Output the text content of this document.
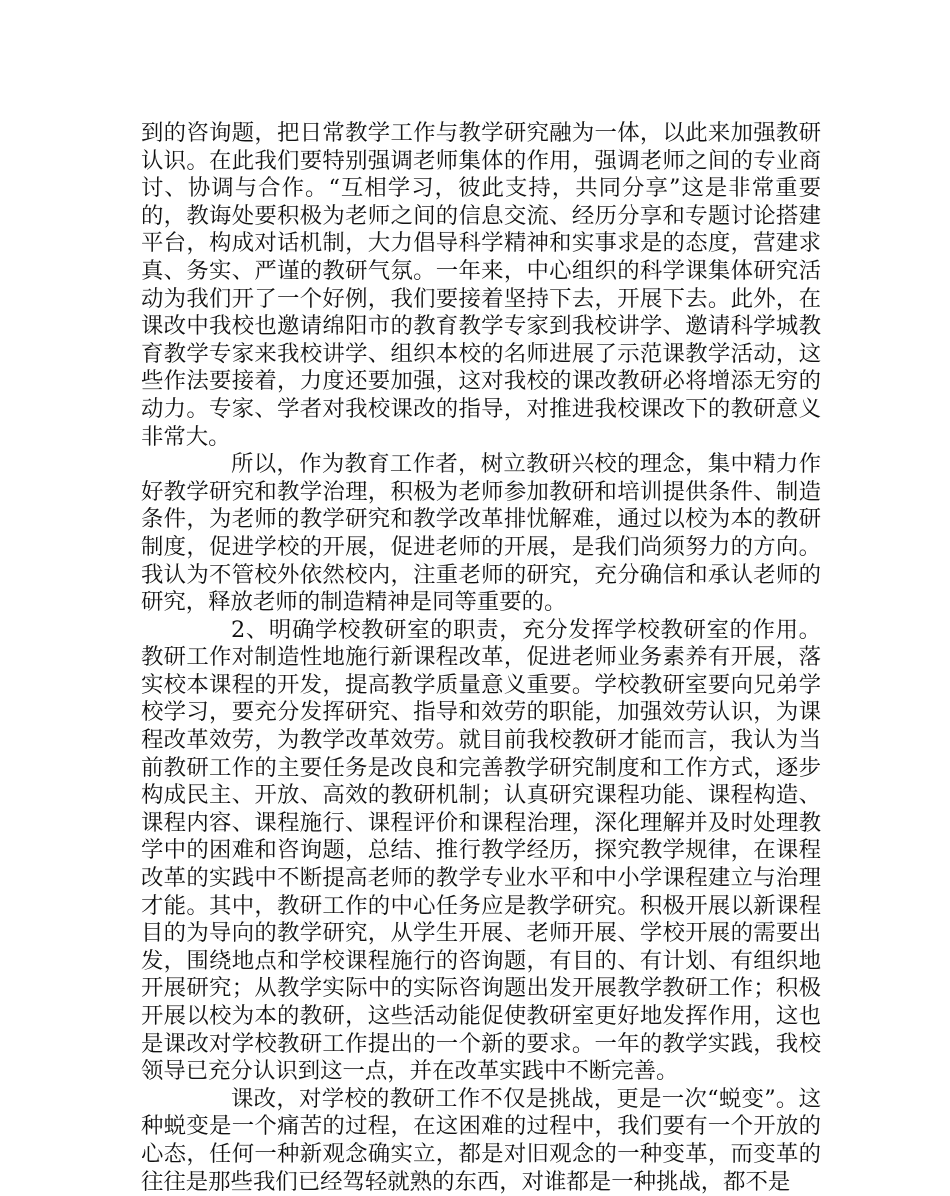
到的咨询题，把日常教学工作与教学研究融为一体，以此来加强教研认识。在此我们要特别强调老师集体的作用，强调老师之间的专业商讨、协调与合作。“互相学习，彼此支持，共同分享”这是非常重要的，教诲处要积极为老师之间的信息交流、经历分享和专题讨论搭建平台，构成对话机制，大力倡导科学精神和实事求是的态度，营建求真、务实、严谨的教研气氛。一年来，中心组织的科学课集体研究活动为我们开了一个好例，我们要接着坚持下去，开展下去。此外，在课改中我校也邀请绵阳市的教育教学专家到我校讲学、邀请科学城教育教学专家来我校讲学、组织本校的名师进展了示范课教学活动，这些作法要接着，力度还要加强，这对我校的课改教研必将增添无穷的动力。专家、学者对我校课改的指导，对推进我校课改下的教研意义非常大。

所以，作为教育工作者，树立教研兴校的理念，集中精力作好教学研究和教学治理，积极为老师参加教研和培训提供条件、制造条件，为老师的教学研究和教学改革排忧解难，通过以校为本的教研制度，促进学校的开展，促进老师的开展，是我们尚须努力的方向。我认为不管校外依然校内，注重老师的研究，充分确信和承认老师的研究，释放老师的制造精神是同等重要的。

2、明确学校教研室的职责，充分发挥学校教研室的作用。教研工作对制造性地施行新课程改革，促进老师业务素养有开展，落实校本课程的开发，提高教学质量意义重要。学校教研室要向兄弟学校学习，要充分发挥研究、指导和效劳的职能，加强效劳认识，为课程改革效劳，为教学改革效劳。就目前我校教研才能而言，我认为当前教研工作的主要任务是改良和完善教学研究制度和工作方式，逐步构成民主、开放、高效的教研机制；认真研究课程功能、课程构造、课程内容、课程施行、课程评价和课程治理，深化理解并及时处理教学中的困难和咨询题，总结、推行教学经历，探究教学规律，在课程改革的实践中不断提高老师的教学专业水平和中小学课程建立与治理才能。其中，教研工作的中心任务应是教学研究。积极开展以新课程目的为导向的教学研究，从学生开展、老师开展、学校开展的需要出发，围绕地点和学校课程施行的咨询题，有目的、有计划、有组织地开展研究；从教学实际中的实际咨询题出发开展教学教研工作；积极开展以校为本的教研，这些活动能促使教研室更好地发挥作用，这也是课改对学校教研工作提出的一个新的要求。一年的教学实践，我校领导已充分认识到这一点，并在改革实践中不断完善。

课改，对学校的教研工作不仅是挑战，更是一次“蜕变”。这种蜕变是一个痛苦的过程，在这困难的过程中，我们要有一个开放的心态，任何一种新观念确实立，都是对旧观念的一种变革，而变革的往往是那些我们已经驾轻就熟的东西，对谁都是一种挑战，都不是
